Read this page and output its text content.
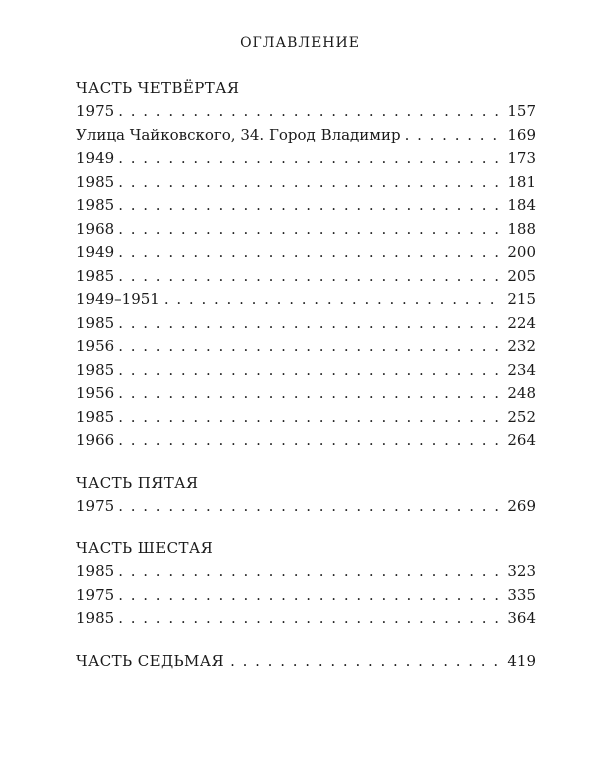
ОГЛАВЛЕНИЕ
ЧАСТЬ ЧЕТВЁРТАЯ
1975 . . .	157
Улица Чайковского, 34. Город Владимир . . .	169
1949 . . .	173
1985 . . .	181
1985 . . .	184
1968 . . .	188
1949 . . .	200
1985 . . .	205
1949–1951 . . .	215
1985 . . .	224
1956 . . .	232
1985 . . .	234
1956 . . .	248
1985 . . .	252
1966 . . .	264
ЧАСТЬ ПЯТАЯ
1975 . . .	269
ЧАСТЬ ШЕСТАЯ
1985 . . .	323
1975 . . .	335
1985 . . .	364
ЧАСТЬ СЕДЬМАЯ . . .	419
